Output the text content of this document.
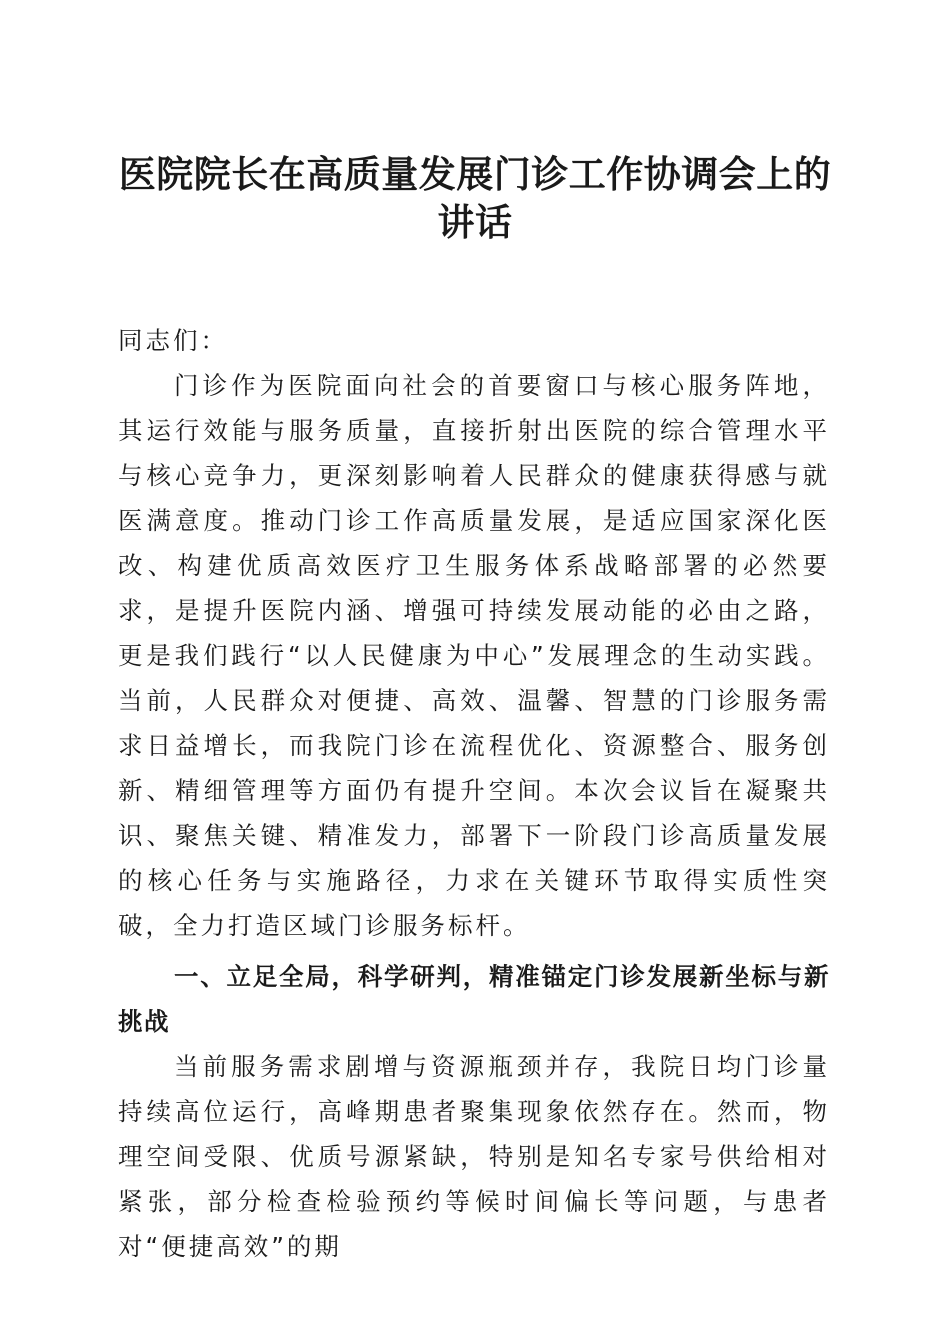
医院院长在高质量发展门诊工作协调会上的讲话

同志们：

门诊作为医院面向社会的首要窗口与核心服务阵地，其运行效能与服务质量，直接折射出医院的综合管理水平与核心竞争力，更深刻影响着人民群众的健康获得感与就医满意度。推动门诊工作高质量发展，是适应国家深化医改、构建优质高效医疗卫生服务体系战略部署的必然要求，是提升医院内涵、增强可持续发展动能的必由之路，更是我们践行“以人民健康为中心”发展理念的生动实践。当前，人民群众对便捷、高效、温馨、智慧的门诊服务需求日益增长，而我院门诊在流程优化、资源整合、服务创新、精细管理等方面仍有提升空间。本次会议旨在凝聚共识、聚焦关键、精准发力，部署下一阶段门诊高质量发展的核心任务与实施路径，力求在关键环节取得实质性突破，全力打造区域门诊服务标杆。

一、立足全局，科学研判，精准锚定门诊发展新坐标与新挑战

当前服务需求剧增与资源瓶颈并存，我院日均门诊量持续高位运行，高峰期患者聚集现象依然存在。然而，物理空间受限、优质号源紧缺，特别是知名专家号供给相对紧张，部分检查检验预约等候时间偏长等问题，与患者对“便捷高效”的期
